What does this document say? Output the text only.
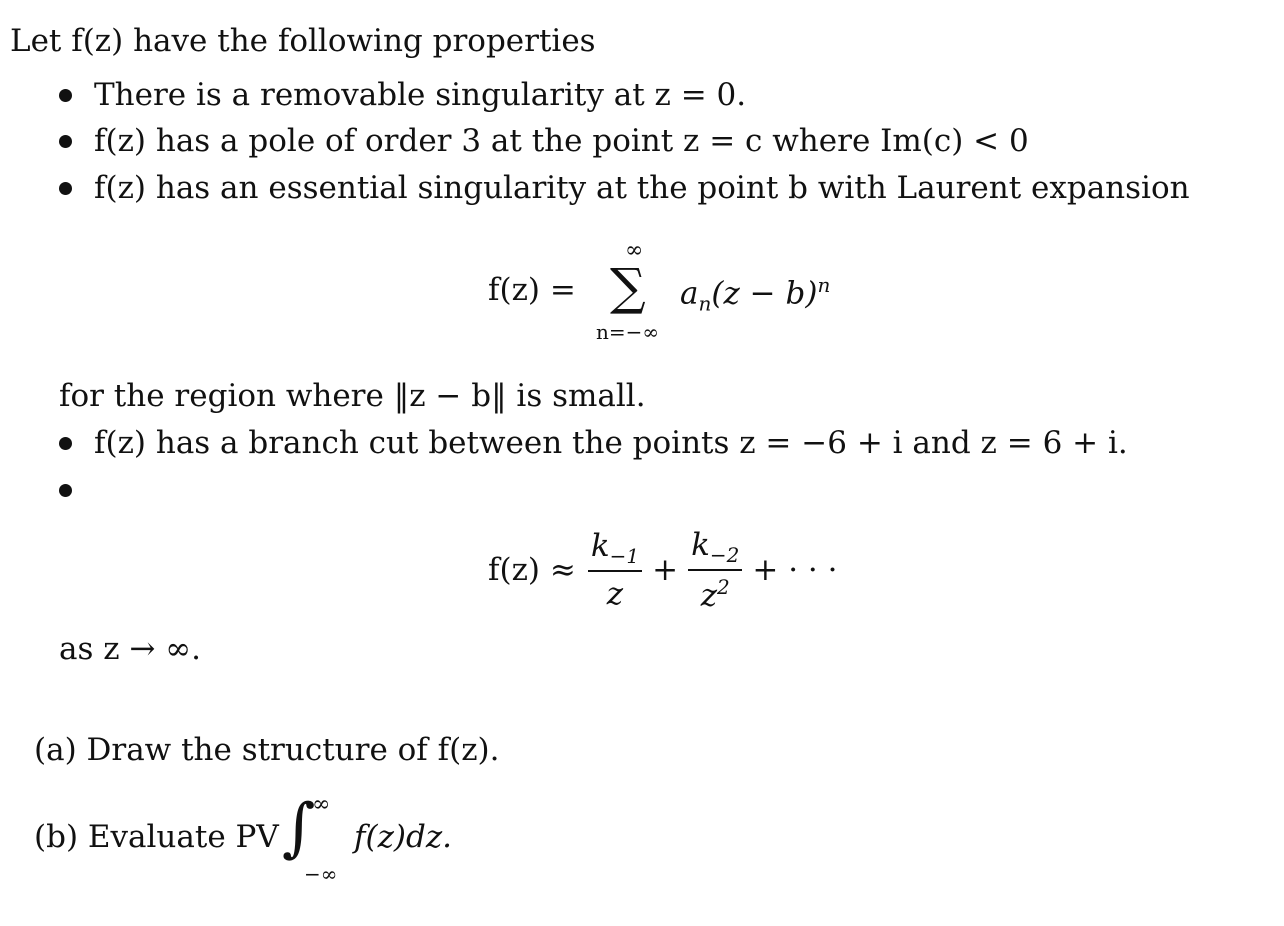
Let f(z) have the following properties
There is a removable singularity at z = 0.
f(z) has a pole of order 3 at the point z = c where Im(c) < 0
f(z) has an essential singularity at the point b with Laurent expansion
f(z) =
∞
∑
n=−∞
$a_n(z - b)^n$
for the region where ‖z − b‖ is small.
f(z) has a branch cut between the points z = −6 + i and z = 6 + i.
$f(z) \approx \frac{k_{-1}}{z} + \frac{k_{-2}}{z^2}$ + · · ·
as z → ∞.
(a) Draw the structure of f(z).
(b) Evaluate PV ∫
∞
−∞
f(z)dz.
